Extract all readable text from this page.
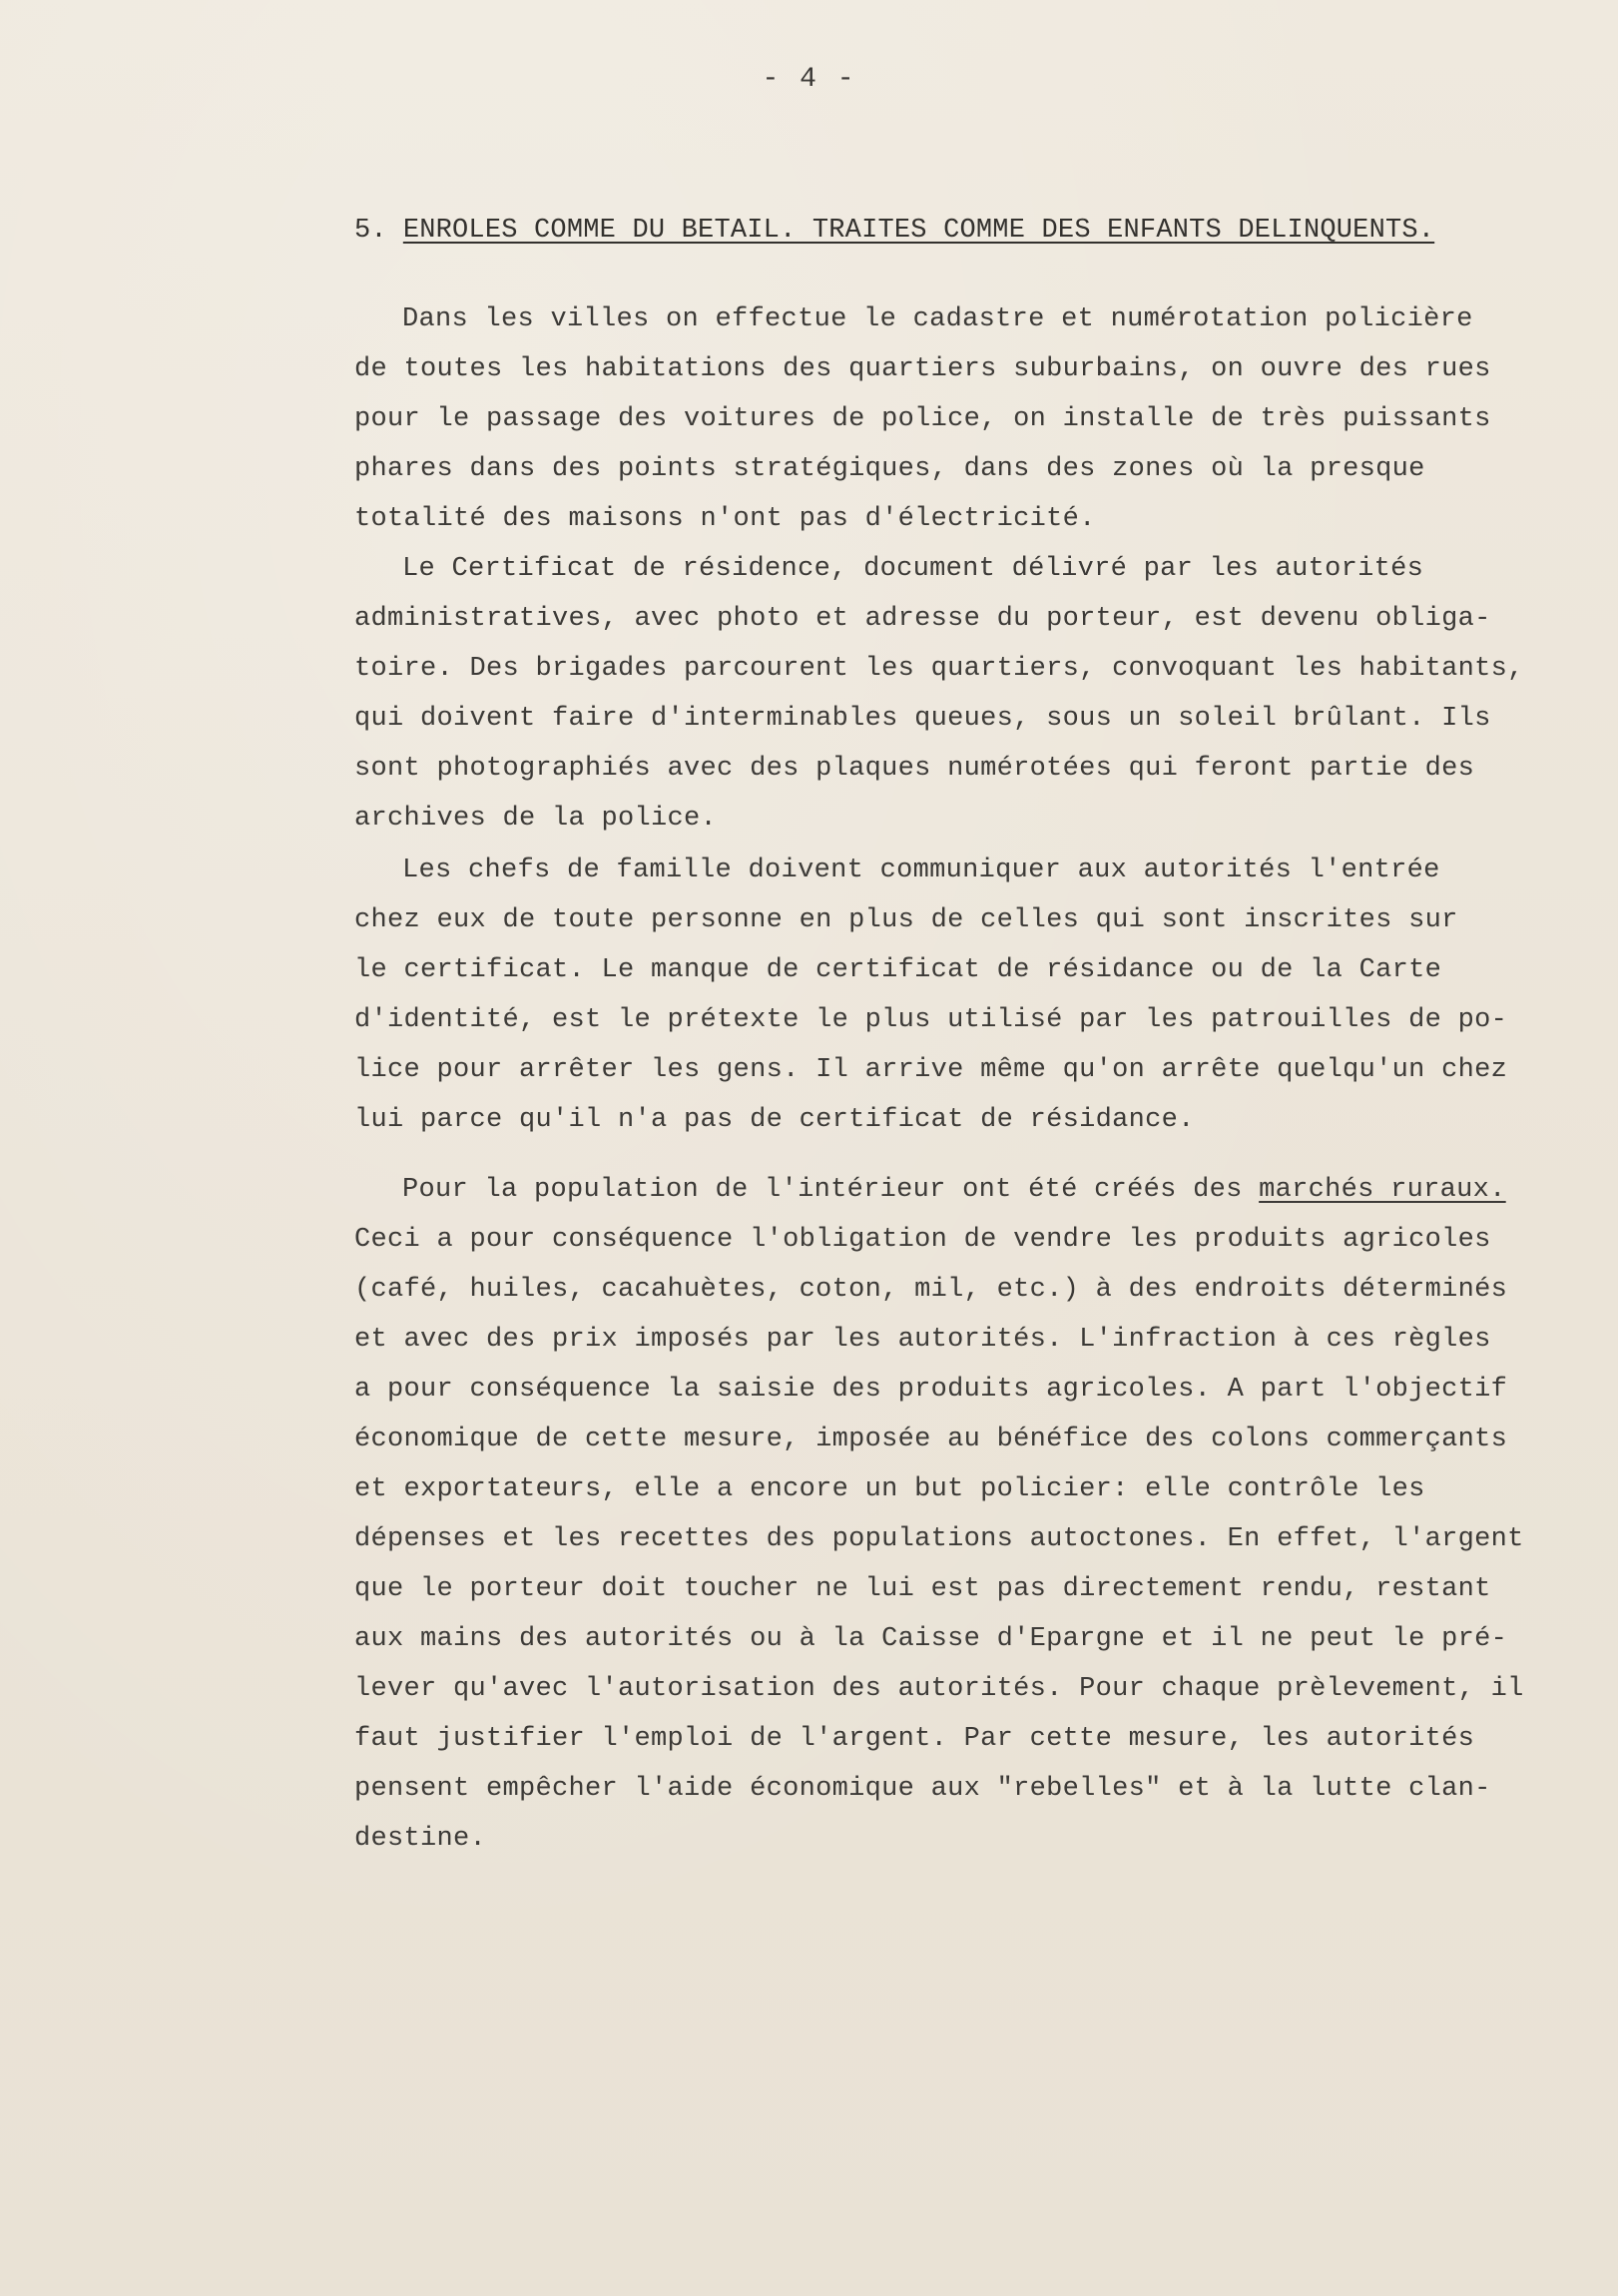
- 4 -
5. ENROLES COMME DU BETAIL. TRAITES COMME DES ENFANTS DELINQUENTS.
Dans les villes on effectue le cadastre et numérotation policière
de toutes les habitations des quartiers suburbains, on ouvre des rues
pour le passage des voitures de police, on installe de très puissants
phares dans des points stratégiques, dans des zones où la presque
totalité des maisons n'ont pas d'électricité.
Le Certificat de résidence, document délivré par les autorités
administratives, avec photo et adresse du porteur, est devenu obliga-
toire. Des brigades parcourent les quartiers, convoquant les habitants,
qui doivent faire d'interminables queues, sous un soleil brûlant. Ils
sont photographiés avec des plaques numérotées qui feront partie des
archives de la police.
Les chefs de famille doivent communiquer aux autorités l'entrée
chez eux de toute personne en plus de celles qui sont inscrites sur
le certificat. Le manque de certificat de résidance ou de la Carte
d'identité, est le prétexte le plus utilisé par les patrouilles de po-
lice pour arrêter les gens. Il arrive même qu'on arrête quelqu'un chez
lui parce qu'il n'a pas de certificat de résidance.
Pour la population de l'intérieur ont été créés des marchés ruraux.
Ceci a pour conséquence l'obligation de vendre les produits agricoles
(café, huiles, cacahuètes, coton, mil, etc.) à des endroits déterminés
et avec des prix imposés par les autorités. L'infraction à ces règles
a pour conséquence la saisie des produits agricoles. A part l'objectif
économique de cette mesure, imposée au bénéfice des colons commerçants
et exportateurs, elle a encore un but policier: elle contrôle les
dépenses et les recettes des populations autoctones. En effet, l'argent
que le porteur doit toucher ne lui est pas directement rendu, restant
aux mains des autorités ou à la Caisse d'Epargne et il ne peut le pré-
lever qu'avec l'autorisation des autorités. Pour chaque prèlevement, il
faut justifier l'emploi de l'argent. Par cette mesure, les autorités
pensent empêcher l'aide économique aux "rebelles" et à la lutte clan-
destine.
